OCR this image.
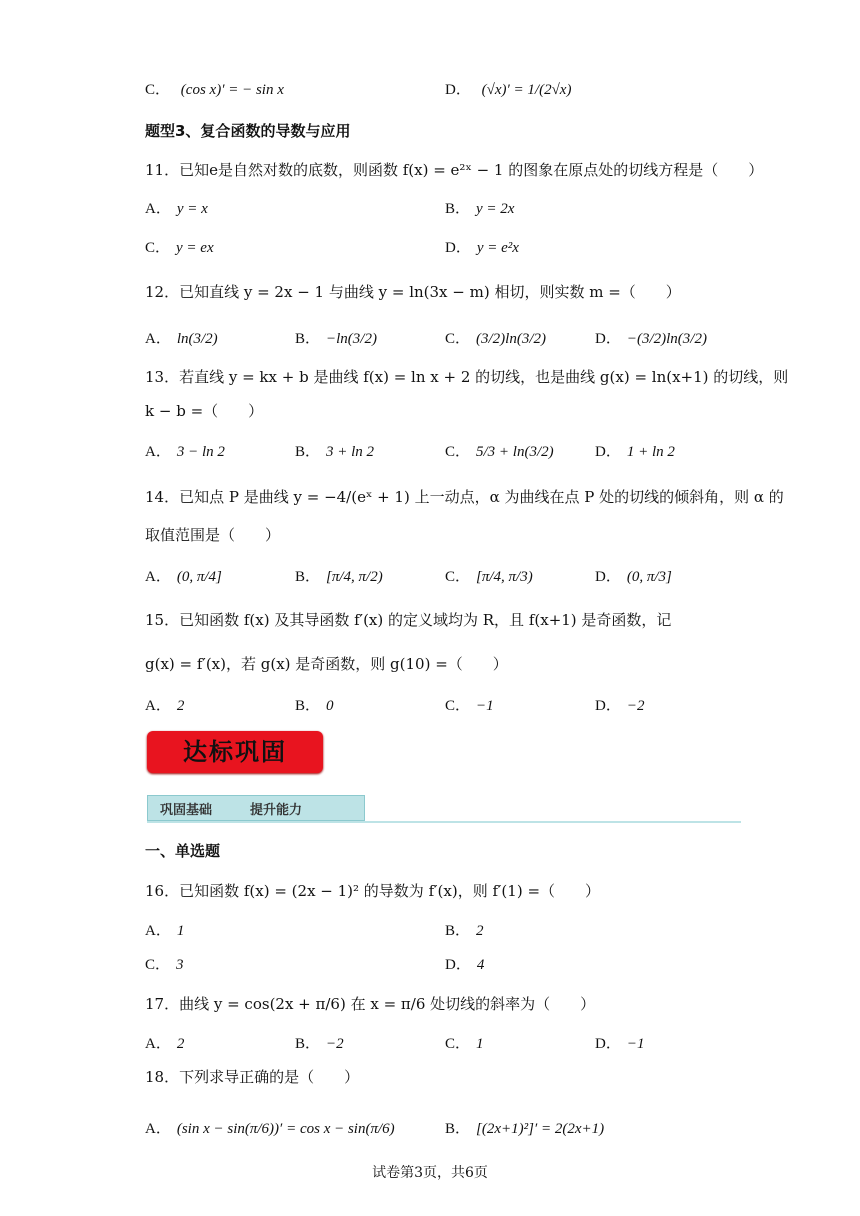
C． (cos x)′ = − sin x	D． (√x)′ = 1/(2√x)
题型3、复合函数的导数与应用
11．已知e是自然对数的底数，则函数 f(x) = e²ˣ − 1 的图象在原点处的切线方程是（　　）
A． y = x	B． y = 2x
C． y = ex	D． y = e²x
12．已知直线 y = 2x − 1 与曲线 y = ln(3x − m) 相切，则实数 m =（　　）
A． ln(3/2)	B． −ln(3/2)	C． (3/2)ln(3/2)	D． −(3/2)ln(3/2)
13．若直线 y = kx + b 是曲线 f(x) = ln x + 2 的切线，也是曲线 g(x) = ln(x+1) 的切线，则
k − b =（　　）
A． 3 − ln 2	B． 3 + ln 2	C． 5/3 + ln(3/2)	D． 1 + ln 2
14．已知点 P 是曲线 y = −4/(eˣ + 1) 上一动点，α 为曲线在点 P 处的切线的倾斜角，则 α 的
取值范围是（　　）
A． (0, π/4]	B． [π/4, π/2)	C． [π/4, π/3)	D． (0, π/3]
15．已知函数 f(x) 及其导函数 f′(x) 的定义域均为 R，且 f(x+1) 是奇函数，记
g(x) = f′(x)，若 g(x) 是奇函数，则 g(10) =（　　）
A． 2	B． 0	C． −1	D． −2
达标巩固
巩固基础	提升能力
一、单选题
16．已知函数 f(x) = (2x − 1)² 的导数为 f′(x)，则 f′(1) =（　　）
A． 1	B． 2
C． 3	D． 4
17．曲线 y = cos(2x + π/6) 在 x = π/6 处切线的斜率为（　　）
A． 2	B． −2	C． 1	D． −1
18．下列求导正确的是（　　）
A． (sin x − sin(π/6))′ = cos x − sin(π/6)	B． [(2x+1)²]′ = 2(2x+1)
试卷第3页，共6页
